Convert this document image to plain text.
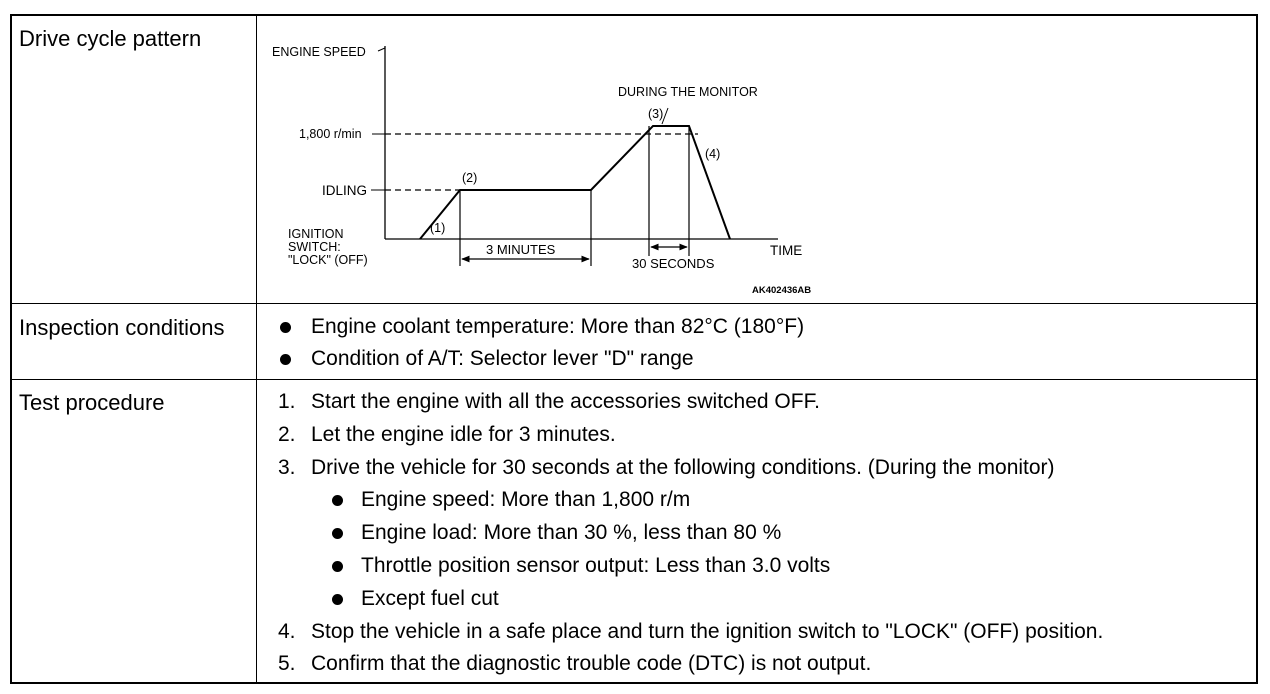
Drive cycle pattern
ENGINE SPEED
TIME
1,800 r/min
IDLING
IGNITION
SWITCH:
"LOCK" (OFF)
(1)
(2)
(3)
(4)
DURING THE MONITOR
3 MINUTES
30 SECONDS
AK402436AB
Inspection conditions	Engine coolant temperature: More than 82°C (180°F)
Condition of A/T: Selector lever "D" range
Test procedure	1. Start the engine with all the accessories switched OFF.
2. Let the engine idle for 3 minutes.
3. Drive the vehicle for 30 seconds at the following conditions. (During the monitor)
Engine speed: More than 1,800 r/m
Engine load: More than 30 %, less than 80 %
Throttle position sensor output: Less than 3.0 volts
Except fuel cut
4. Stop the vehicle in a safe place and turn the ignition switch to "LOCK" (OFF) position.
5. Confirm that the diagnostic trouble code (DTC) is not output.
